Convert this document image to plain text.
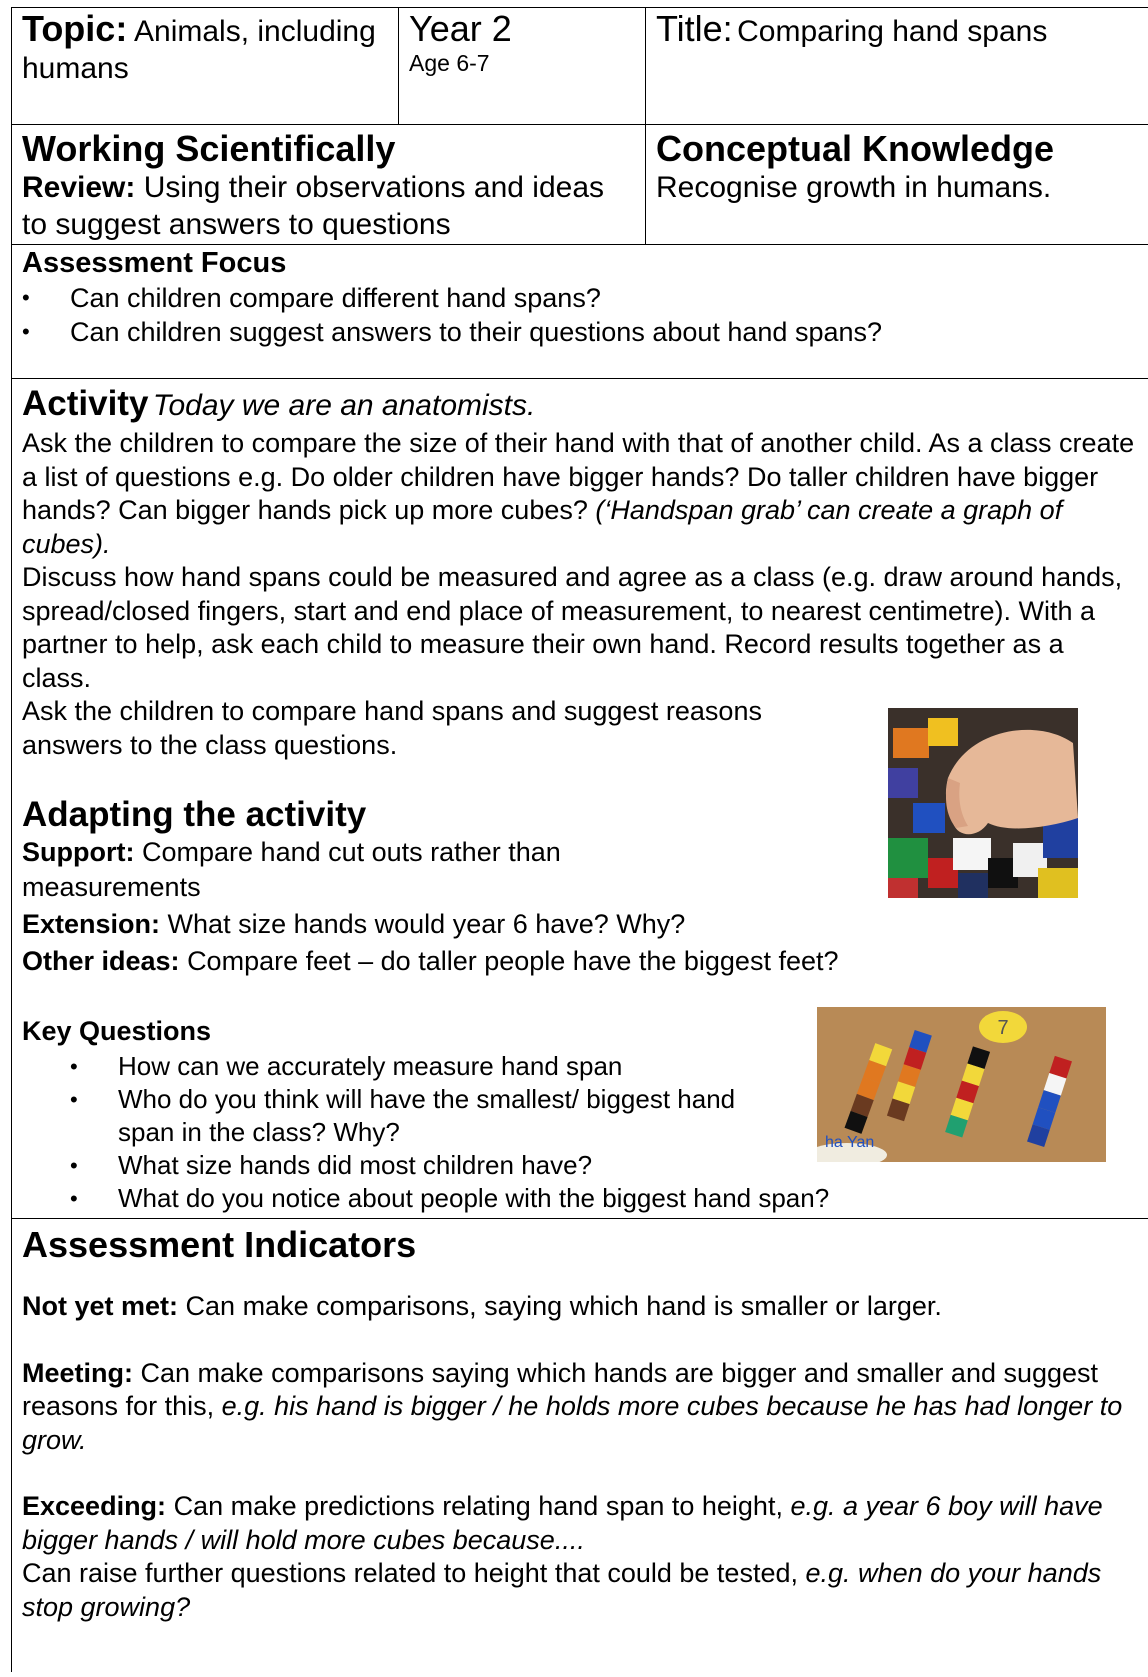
Topic: Animals, including humans
Year 2
Age 6-7
Title: Comparing hand spans
Working Scientifically
Review: Using their observations and ideas to suggest answers to questions
Conceptual Knowledge
Recognise growth in humans.
Assessment Focus
• Can children compare different hand spans?
• Can children suggest answers to their questions about hand spans?
Activity Today we are an anatomists.

Ask the children to compare the size of their hand with that of another child. As a class create a list of questions e.g. Do older children have bigger hands? Do taller children have bigger hands? Can bigger hands pick up more cubes? (‘Handspan grab’ can create a graph of cubes).

Discuss how hand spans could be measured and agree as a class (e.g. draw around hands, spread/closed fingers, start and end place of measurement, to nearest centimetre). With a partner to help, ask each child to measure their own hand. Record results together as a class.

Ask the children to compare hand spans and suggest reasons answers to the class questions.

Adapting the activity

Support: Compare hand cut outs rather than measurements

Extension: What size hands would year 6 have? Why?

Other ideas: Compare feet – do taller people have the biggest feet?

Key Questions
• How can we accurately measure hand span
• Who do you think will have the smallest/ biggest hand span in the class? Why?
• What size hands did most children have?
• What do you notice about people with the biggest hand span?
7
ha Yan
Assessment Indicators

Not yet met: Can make comparisons, saying which hand is smaller or larger.

Meeting: Can make comparisons saying which hands are bigger and smaller and suggest reasons for this, e.g. his hand is bigger / he holds more cubes because he has had longer to grow.

Exceeding: Can make predictions relating hand span to height, e.g. a year 6 boy will have bigger hands / will hold more cubes because....

Can raise further questions related to height that could be tested, e.g. when do your hands stop growing?
